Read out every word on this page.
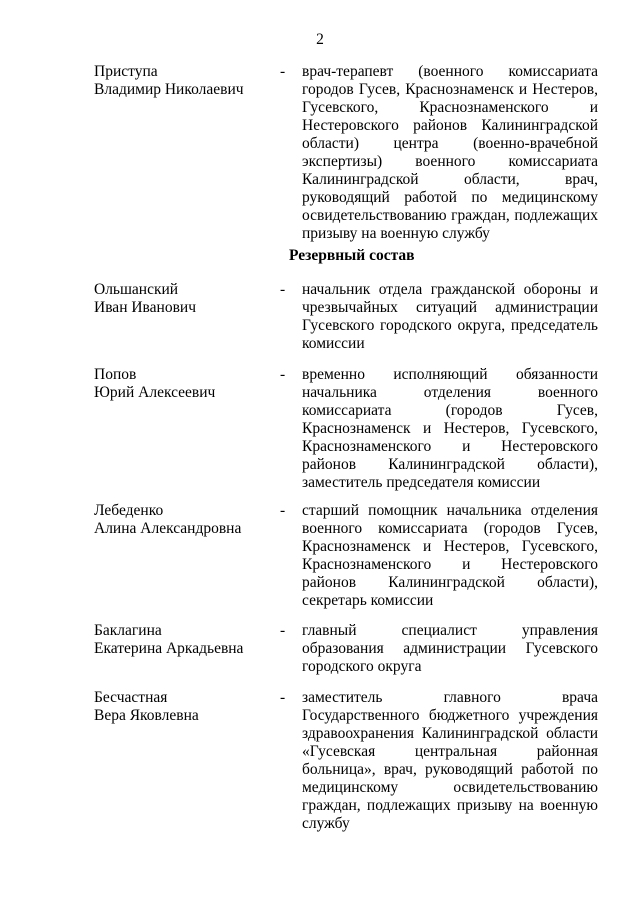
2
Приступа
Владимир Николаевич
- врач-терапевт (военного комиссариата городов Гусев, Краснознаменск и Нестеров, Гусевского, Краснознаменского и Нестеровского районов Калининградской области) центра (военно-врачебной экспертизы) военного комиссариата Калининградской области, врач, руководящий работой по медицинскому освидетельствованию граждан, подлежащих призыву на военную службу
Резервный состав
Ольшанский
Иван Иванович
- начальник отдела гражданской обороны и чрезвычайных ситуаций администрации Гусевского городского округа, председатель комиссии
Попов
Юрий Алексеевич
- временно исполняющий обязанности начальника отделения военного комиссариата (городов Гусев, Краснознаменск и Нестеров, Гусевского, Краснознаменского и Нестеровского районов Калининградской области), заместитель председателя комиссии
Лебеденко
Алина Александровна
- старший помощник начальника отделения военного комиссариата (городов Гусев, Краснознаменск и Нестеров, Гусевского, Краснознаменского и Нестеровского районов Калининградской области), секретарь комиссии
Баклагина
Екатерина Аркадьевна
- главный специалист управления образования администрации Гусевского городского округа
Бесчастная
Вера Яковлевна
- заместитель главного врача Государственного бюджетного учреждения здравоохранения Калининградской области «Гусевская центральная районная больница», врач, руководящий работой по медицинскому освидетельствованию граждан, подлежащих призыву на военную службу
